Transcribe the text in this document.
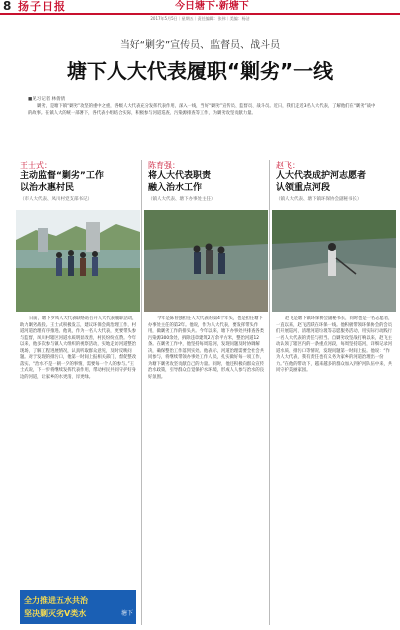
8 扬子日报	今日塘下·新塘下
2017年5月5日｜星期五｜责任编辑：张伟｜美编：杨洁
当好“剿劣”宣传员、监督员、战斗员
塘下人大代表履职“剿劣”一线
■见习记者 林倩倩
剿劣，是塘下镇“剿劣”攻坚的重中之重，各级人大代表充分发挥代表作用，深入一线，当好“剿劣”宣传员、监督员、战斗员。近日，我们走近3名人大代表，了解他们在“剿劣”战中的故事。在镇人大的统一部署下，各代表小组结合实际，积极参与河道巡查、污染源排查等工作，为剿劣攻坚贡献力量。
王士式：
主动监督“剿劣”工作
以治水惠村民
（市人大代表、凤川村党支部书记）

日前，塘下罗凤人大代表联络站召开人大代表履职活动，助力剿劣战役。王士式积极发言，建议环保会商治理工作，村道河道治理有序推进。他说，作为一名人大代表，更要带头参与监督，凤川村辖区河道水质明显改善，村民纷纷点赞。今年以来，他多次参与镇人大组织的视察活动，实地走访河道整治现场，了解工程进展情况，认真听取群众意见，及时反映问题。对于发现的排污口，他第一时间上报相关部门，督促整改落实。“治水不是一朝一夕的事情，需要每一个人的参与。”王士式说，下一步将继续发挥代表作用，带动村民共同守护好身边的河道，让家乡的水更清、岸更绿。

全力推进五水共治
坚决剿灭劣V类水	塘下
陈育强：
将人大代表职责
融入治水工作
（镇人大代表、塘下办事处主任）

今年是陈育强担任人大代表的第4个年头，也是担任塘下办事处主任的第2年。他说，作为人大代表，要发挥带头作用，做剿劣工作的排头兵。今年以来，塘下办事处共排查各类污染源300余处，拆除违章建筑2万余平方米，整治河道12条。在剿劣工作中，他坚持每周巡河，发现问题及时协调解决，确保整治工作落到实处。他表示，河道治理需要全社会共同参与，将继续带领办事处工作人员，扎实做好每一项工作，为塘下剿劣攻坚贡献自己的力量。同时，他还积极向群众宣传治水政策，引导群众自觉保护水环境，形成人人参与治水的良好氛围。

赵飞：
人大代表成护河志愿者
认领重点河段
（镇人大代表、塘下镇环保协会副秘书长）

赵飞是塘下镇环保协会副秘书长，同时也是一名志愿者，一直以来，赵飞活跃在环保一线。他积极带领环保协会的会员们开展巡河、清理河道垃圾等志愿服务活动，用实际行动践行一名人大代表的责任与担当。自剿劣攻坚战打响以来，赵飞主动认领了辖区内的一条重点河段，每周坚持巡河，详细记录河道水质、排污口等情况，发现问题第一时间上报。他说：“作为人大代表，我有责任也有义务为家乡的河道治理出一份力。”在他的带动下，越来越多的群众加入到护河队伍中来，共同守护美丽家园。
